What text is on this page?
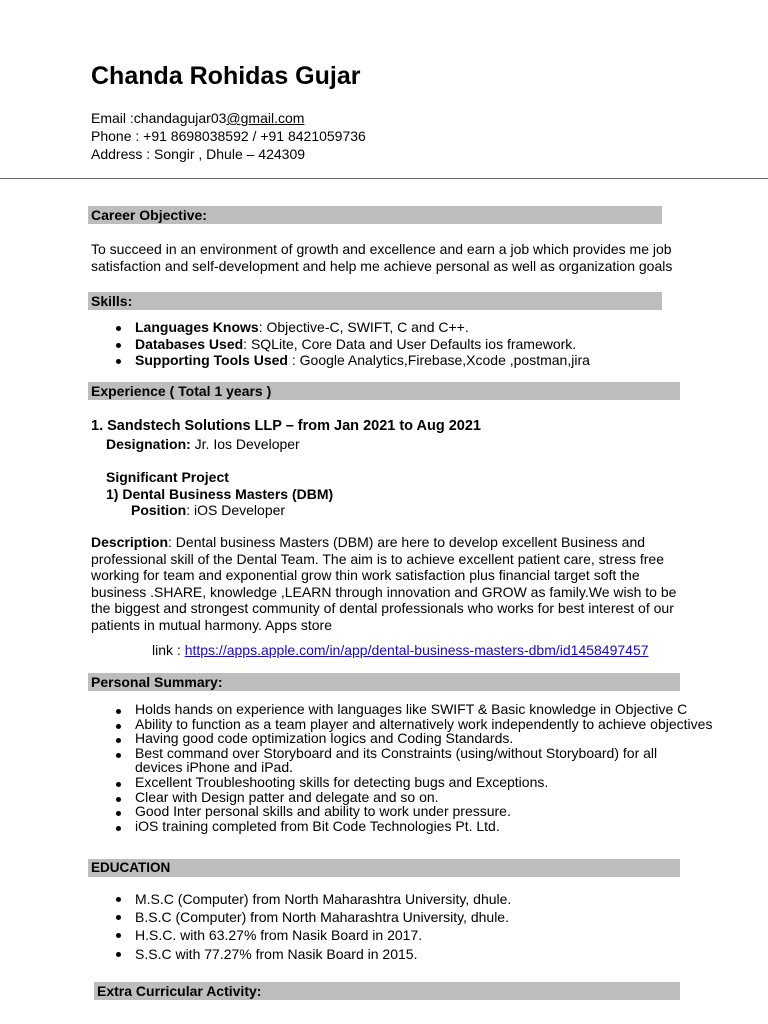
Chanda Rohidas Gujar
Email :chandagujar03@gmail.com
Phone : +91 8698038592 / +91 8421059736
Address : Songir , Dhule – 424309
Career Objective:
To succeed in an environment of growth and excellence and earn a job which provides me job
satisfaction and self-development and help me achieve personal as well as organization goals
Skills:
Languages Knows: Objective-C, SWIFT, C and C++.
Databases Used: SQLite, Core Data and User Defaults ios framework.
Supporting Tools Used : Google Analytics,Firebase,Xcode ,postman,jira
Experience ( Total 1 years )
1. Sandstech Solutions LLP – from Jan 2021 to Aug 2021
Designation: Jr. Ios Developer
Significant Project
1) Dental Business Masters (DBM)
Position: iOS Developer
Description: Dental business Masters (DBM) are here to develop excellent Business and
professional skill of the Dental Team. The aim is to achieve excellent patient care, stress free
working for team and exponential grow thin work satisfaction plus financial target soft the
business .SHARE, knowledge ,LEARN through innovation and GROW as family.We wish to be
the biggest and strongest community of dental professionals who works for best interest of our
patients in mutual harmony. Apps store
link : https://apps.apple.com/in/app/dental-business-masters-dbm/id1458497457
Personal Summary:
Holds hands on experience with languages like SWIFT & Basic knowledge in Objective C
Ability to function as a team player and alternatively work independently to achieve objectives
Having good code optimization logics and Coding Standards.
Best command over Storyboard and its Constraints (using/without Storyboard) for all
devices iPhone and iPad.
Excellent Troubleshooting skills for detecting bugs and Exceptions.
Clear with Design patter and delegate and so on.
Good Inter personal skills and ability to work under pressure.
iOS training completed from Bit Code Technologies Pt. Ltd.
EDUCATION
M.S.C (Computer) from North Maharashtra University, dhule.
B.S.C (Computer) from North Maharashtra University, dhule.
H.S.C. with 63.27% from Nasik Board in 2017.
S.S.C with 77.27% from Nasik Board in 2015.
Extra Curricular Activity:
